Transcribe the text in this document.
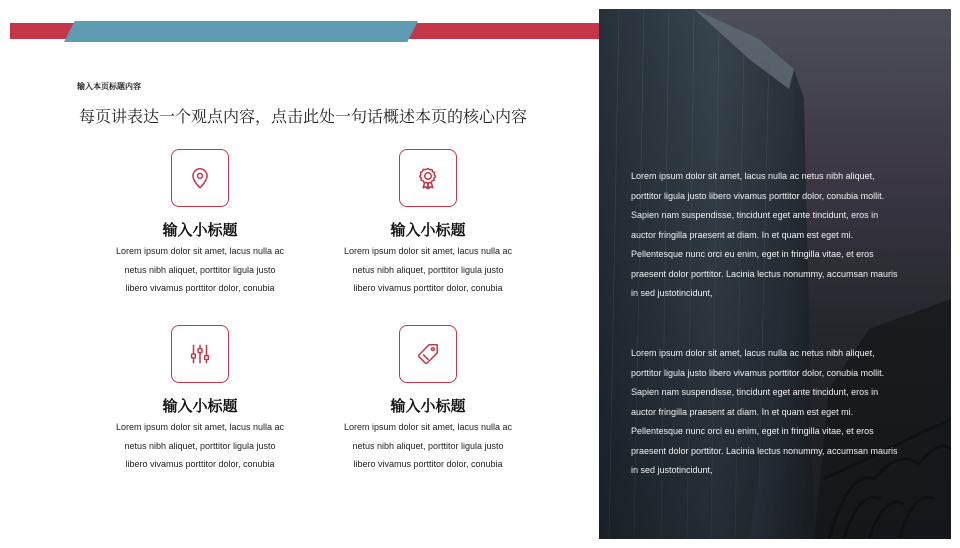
输入本页标题内容
每页讲表达一个观点内容，点击此处一句话概述本页的核心内容
输入小标题
Lorem ipsum dolor sit amet, lacus nulla ac
netus nibh aliquet, porttitor ligula justo
libero vivamus porttitor dolor, conubia
输入小标题
Lorem ipsum dolor sit amet, lacus nulla ac
netus nibh aliquet, porttitor ligula justo
libero vivamus porttitor dolor, conubia
输入小标题
Lorem ipsum dolor sit amet, lacus nulla ac
netus nibh aliquet, porttitor ligula justo
libero vivamus porttitor dolor, conubia
输入小标题
Lorem ipsum dolor sit amet, lacus nulla ac
netus nibh aliquet, porttitor ligula justo
libero vivamus porttitor dolor, conubia
Lorem ipsum dolor sit amet, lacus nulla ac netus nibh aliquet,
porttitor ligula justo libero vivamus porttitor dolor, conubia mollit.
Sapien nam suspendisse, tincidunt eget ante tincidunt, eros in
auctor fringilla praesent at diam. In et quam est eget mi.
Pellentesque nunc orci eu enim, eget in fringilla vitae, et eros
praesent dolor porttitor. Lacinia lectus nonummy, accumsan mauris
in sed justotincidunt,
Lorem ipsum dolor sit amet, lacus nulla ac netus nibh aliquet,
porttitor ligula justo libero vivamus porttitor dolor, conubia mollit.
Sapien nam suspendisse, tincidunt eget ante tincidunt, eros in
auctor fringilla praesent at diam. In et quam est eget mi.
Pellentesque nunc orci eu enim, eget in fringilla vitae, et eros
praesent dolor porttitor. Lacinia lectus nonummy, accumsan mauris
in sed justotincidunt,
